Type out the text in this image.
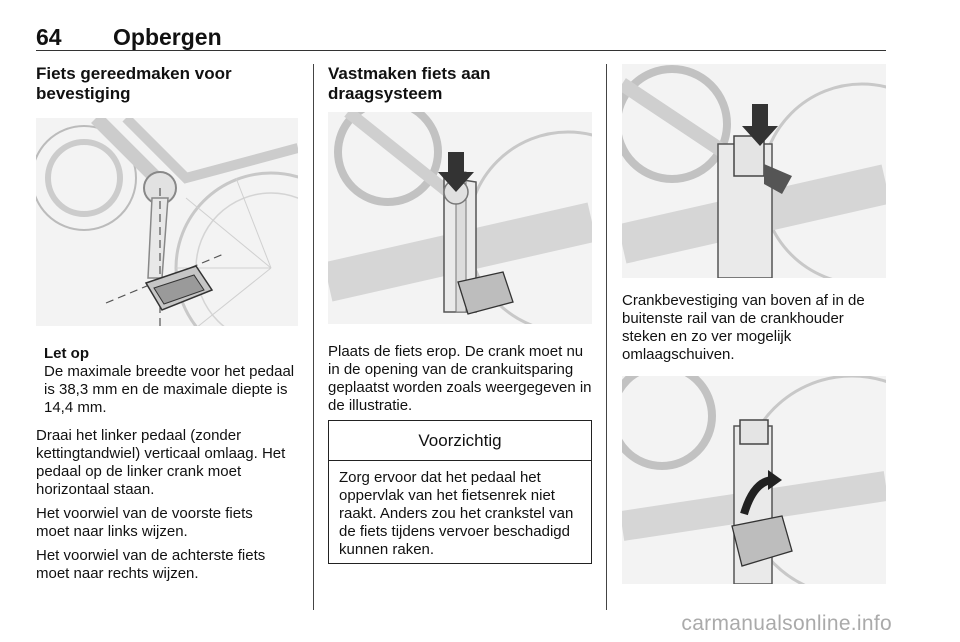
64 Opbergen
Fiets gereedmaken voor bevestiging

Let op

De maximale breedte voor het pedaal is 38,3 mm en de maximale diepte is 14,4 mm.

Draai het linker pedaal (zonder kettingtandwiel) verticaal omlaag. Het pedaal op de linker crank moet horizontaal staan.

Het voorwiel van de voorste fiets moet naar links wijzen.

Het voorwiel van de achterste fiets moet naar rechts wijzen.

Vastmaken fiets aan draagsysteem

Plaats de fiets erop. De crank moet nu in de opening van de crankuitsparing geplaatst worden zoals weergegeven in de illustratie.

Voorzichtig
Zorg ervoor dat het pedaal het oppervlak van het fietsenrek niet raakt. Anders zou het crankstel van de fiets tijdens vervoer beschadigd kunnen raken.

Crankbevestiging van boven af in de buitenste rail van de crankhouder steken en zo ver mogelijk omlaagschuiven.

carmanualsonline.info
